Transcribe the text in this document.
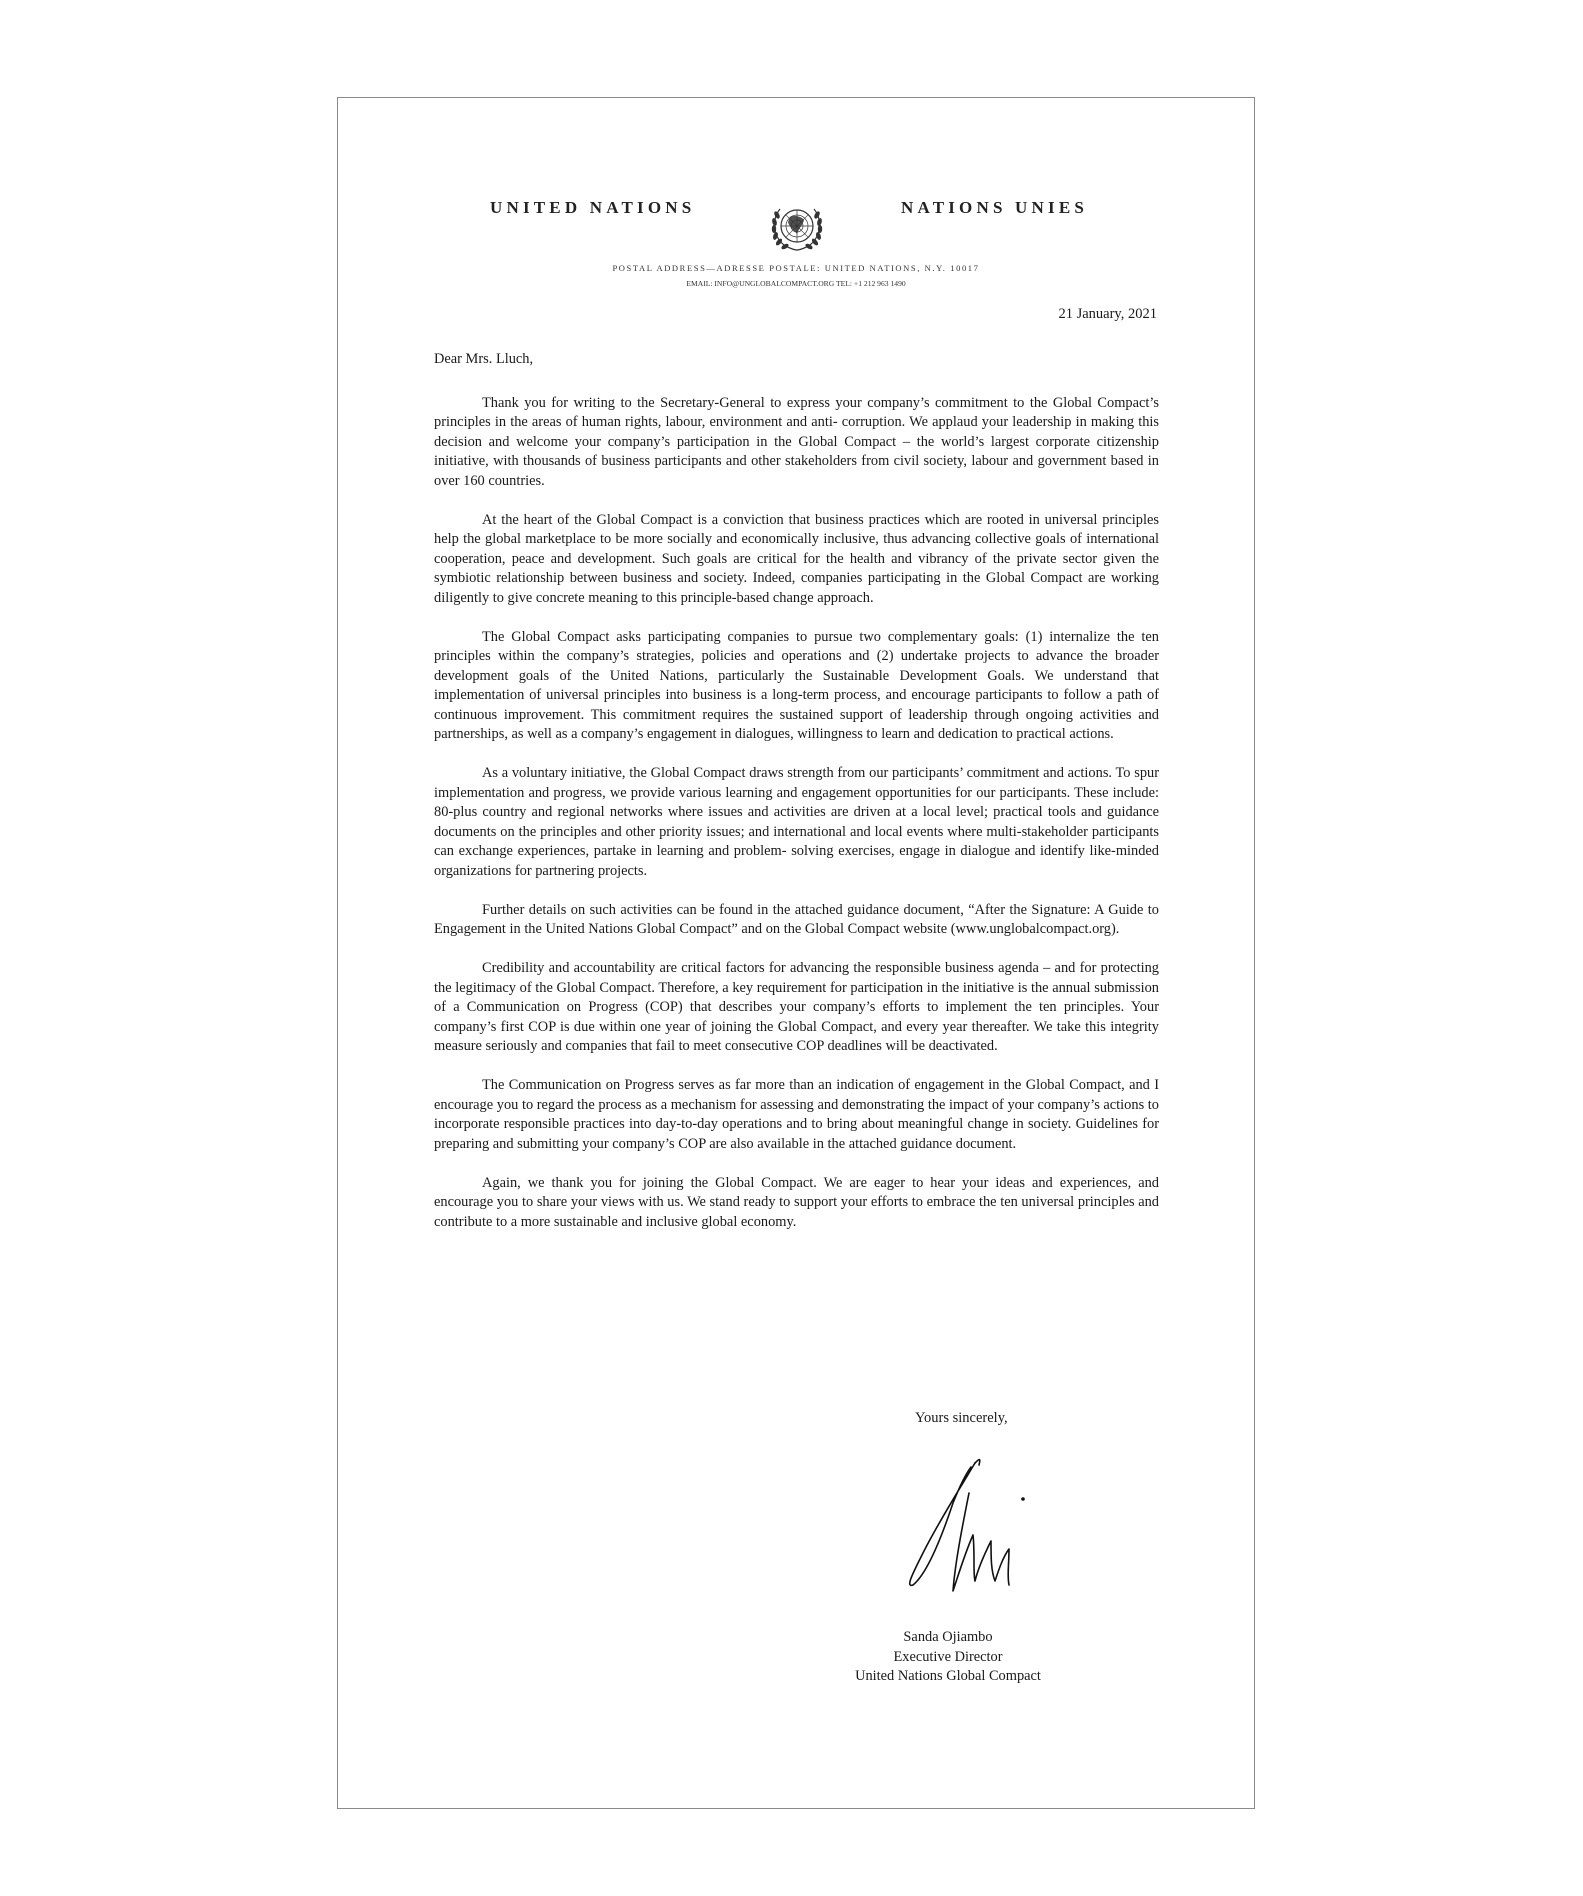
UNITED NATIONS	NATIONS UNIES
POSTAL ADDRESS—ADRESSE POSTALE: UNITED NATIONS, N.Y. 10017
EMAIL: INFO@UNGLOBALCOMPACT.ORG TEL: +1 212 963 1490
21 January, 2021

Dear Mrs. Lluch,

Thank you for writing to the Secretary-General to express your company’s commitment to the Global Compact’s principles in the areas of human rights, labour, environment and anti- corruption. We applaud your leadership in making this decision and welcome your company’s participation in the Global Compact – the world’s largest corporate citizenship initiative, with thousands of business participants and other stakeholders from civil society, labour and government based in over 160 countries.

At the heart of the Global Compact is a conviction that business practices which are rooted in universal principles help the global marketplace to be more socially and economically inclusive, thus advancing collective goals of international cooperation, peace and development. Such goals are critical for the health and vibrancy of the private sector given the symbiotic relationship between business and society. Indeed, companies participating in the Global Compact are working diligently to give concrete meaning to this principle-based change approach.

The Global Compact asks participating companies to pursue two complementary goals: (1) internalize the ten principles within the company’s strategies, policies and operations and (2) undertake projects to advance the broader development goals of the United Nations, particularly the Sustainable Development Goals. We understand that implementation of universal principles into business is a long-term process, and encourage participants to follow a path of continuous improvement. This commitment requires the sustained support of leadership through ongoing activities and partnerships, as well as a company’s engagement in dialogues, willingness to learn and dedication to practical actions.

As a voluntary initiative, the Global Compact draws strength from our participants’ commitment and actions. To spur implementation and progress, we provide various learning and engagement opportunities for our participants. These include: 80-plus country and regional networks where issues and activities are driven at a local level; practical tools and guidance documents on the principles and other priority issues; and international and local events where multi-stakeholder participants can exchange experiences, partake in learning and problem- solving exercises, engage in dialogue and identify like-minded organizations for partnering projects.

Further details on such activities can be found in the attached guidance document, “After the Signature: A Guide to Engagement in the United Nations Global Compact” and on the Global Compact website (www.unglobalcompact.org).

Credibility and accountability are critical factors for advancing the responsible business agenda – and for protecting the legitimacy of the Global Compact. Therefore, a key requirement for participation in the initiative is the annual submission of a Communication on Progress (COP) that describes your company’s efforts to implement the ten principles. Your company’s first COP is due within one year of joining the Global Compact, and every year thereafter. We take this integrity measure seriously and companies that fail to meet consecutive COP deadlines will be deactivated.

The Communication on Progress serves as far more than an indication of engagement in the Global Compact, and I encourage you to regard the process as a mechanism for assessing and demonstrating the impact of your company’s actions to incorporate responsible practices into day-to-day operations and to bring about meaningful change in society. Guidelines for preparing and submitting your company’s COP are also available in the attached guidance document.

Again, we thank you for joining the Global Compact. We are eager to hear your ideas and experiences, and encourage you to share your views with us. We stand ready to support your efforts to embrace the ten universal principles and contribute to a more sustainable and inclusive global economy.

Yours sincerely,
Sanda Ojiambo
Executive Director
United Nations Global Compact
